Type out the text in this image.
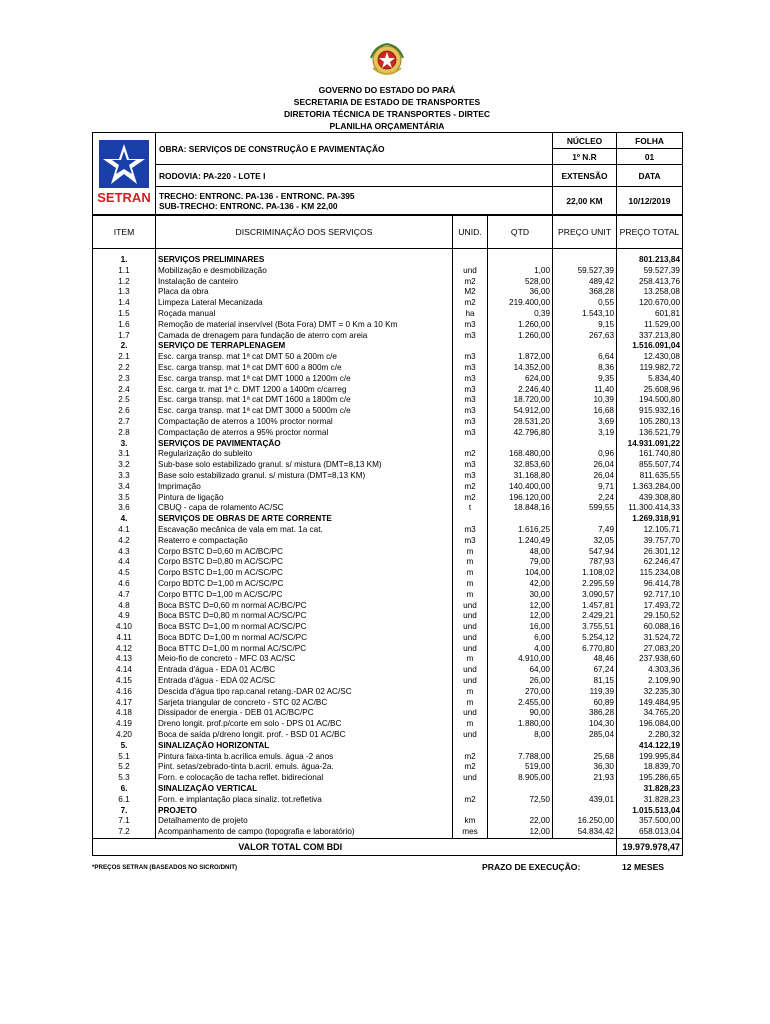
GOVERNO DO ESTADO DO PARÁ
SECRETARIA DE ESTADO DE TRANSPORTES
DIRETORIA TÉCNICA DE TRANSPORTES - DIRTEC
PLANILHA ORÇAMENTÁRIA
SETRAN	OBRA: SERVIÇOS DE CONSTRUÇÃO E PAVIMENTAÇÃO	NÚCLEO	FOLHA
		1º N.R	01
	RODOVIA: PA-220 - LOTE I	EXTENSÃO	DATA
	TRECHO: ENTRONC. PA-136 - ENTRONC. PA-395	22,00 KM	10/12/2019
	SUB-TRECHO: ENTRONC. PA-136 - KM 22,00		
ITEM	DISCRIMINAÇÃO DOS SERVIÇOS	UNID.	QTD	PREÇO UNIT	PREÇO TOTAL
1.	SERVIÇOS PRELIMINARES				801.213,84
1.1	Mobilização e desmobilização	und	1,00	59.527,39	59.527,39
1.2	Instalação de canteiro	m2	528,00	489,42	258.413,76
1.3	Placa da obra	M2	36,00	368,28	13.258,08
1.4	Limpeza Lateral Mecanizada	m2	219.400,00	0,55	120.670,00
1.5	Roçada manual	ha	0,39	1.543,10	601,81
1.6	Remoção de material inservível (Bota Fora) DMT = 0 Km a 10 Km	m3	1.260,00	9,15	11.529,00
1.7	Camada de drenagem para fundação de aterro com areia	m3	1.260,00	267,63	337.213,80
2.	SERVIÇO DE TERRAPLENAGEM				1.516.091,04
2.1	Esc. carga transp. mat 1ª cat DMT 50 a 200m c/e	m3	1.872,00	6,64	12.430,08
2.2	Esc. carga transp. mat 1ª cat DMT 600 a 800m c/e	m3	14.352,00	8,36	119.982,72
2.3	Esc. carga transp. mat 1ª cat DMT 1000 a 1200m c/e	m3	624,00	9,35	5.834,40
2.4	Esc. carga tr. mat 1ª c. DMT 1200 a 1400m c/carreg	m3	2.246,40	11,40	25.608,96
2.5	Esc. carga transp. mat 1ª cat DMT 1600 a 1800m c/e	m3	18.720,00	10,39	194.500,80
2.6	Esc. carga transp. mat 1ª cat DMT 3000 a 5000m c/e	m3	54.912,00	16,68	915.932,16
2.7	Compactação de aterros a 100% proctor normal	m3	28.531,20	3,69	105.280,13
2.8	Compactação de aterros a 95% proctor normal	m3	42.796,80	3,19	136.521,79
3.	SERVIÇOS DE PAVIMENTAÇÃO				14.931.091,22
3.1	Regularização do subleito	m2	168.480,00	0,96	161.740,80
3.2	Sub-base solo estabilizado granul. s/ mistura (DMT=8,13 KM)	m3	32.853,60	26,04	855.507,74
3.3	Base solo estabilizado granul. s/ mistura (DMT=8,13 KM)	m3	31.168,80	26,04	811.635,55
3.4	Imprimação	m2	140.400,00	9,71	1.363.284,00
3.5	Pintura de ligação	m2	196.120,00	2,24	439.308,80
3.6	CBUQ - capa de rolamento AC/SC	t	18.848,16	599,55	11.300.414,33
4.	SERVIÇOS DE OBRAS DE ARTE CORRENTE				1.269.318,91
4.1	Escavação mecânica de vala em mat. 1a cat.	m3	1.616,25	7,49	12.105,71
4.2	Reaterro e compactação	m3	1.240,49	32,05	39.757,70
4.3	Corpo BSTC D=0,60 m AC/BC/PC	m	48,00	547,94	26.301,12
4.4	Corpo BSTC D=0,80 m AC/SC/PC	m	79,00	787,93	62.246,47
4.5	Corpo BSTC D=1,00 m AC/SC/PC	m	104,00	1.108,02	115.234,08
4.6	Corpo BDTC D=1,00 m AC/SC/PC	m	42,00	2.295,59	96.414,78
4.7	Corpo BTTC D=1,00 m AC/SC/PC	m	30,00	3.090,57	92.717,10
4.8	Boca BSTC D=0,60 m normal AC/BC/PC	und	12,00	1.457,81	17.493,72
4.9	Boca BSTC D=0,80 m normal AC/SC/PC	und	12,00	2.429,21	29.150,52
4.10	Boca BSTC D=1,00 m normal AC/SC/PC	und	16,00	3.755,51	60.088,16
4.11	Boca BDTC D=1,00 m normal AC/SC/PC	und	6,00	5.254,12	31.524,72
4.12	Boca BTTC D=1,00 m normal AC/SC/PC	und	4,00	6.770,80	27.083,20
4.13	Meio-fio de concreto - MFC 03 AC/SC	m	4.910,00	48,46	237.938,60
4.14	Entrada d'água - EDA 01 AC/BC	und	64,00	67,24	4.303,36
4.15	Entrada d'água - EDA 02 AC/SC	und	26,00	81,15	2.109,90
4.16	Descida d'água tipo rap.canal retang.-DAR 02 AC/SC	m	270,00	119,39	32.235,30
4.17	Sarjeta triangular de concreto - STC 02 AC/BC	m	2.455,00	60,89	149.484,95
4.18	Dissipador de energia - DEB 01 AC/BC/PC	und	90,00	386,28	34.765,20
4.19	Dreno longit. prof.p/corte em solo - DPS 01 AC/BC	m	1.880,00	104,30	196.084,00
4.20	Boca de saída p/dreno longit. prof. - BSD 01 AC/BC	und	8,00	285,04	2.280,32
5.	SINALIZAÇÃO HORIZONTAL				414.122,19
5.1	Pintura faixa-tinta b.acrílica emuls. água -2 anos	m2	7.788,00	25,68	199.995,84
5.2	Pint. setas/zebrado-tinta b.acril. emuls. água-2a.	m2	519,00	36,30	18.839,70
5.3	Forn. e colocação de tacha reflet. bidirecional	und	8.905,00	21,93	195.286,65
6.	SINALIZAÇÃO VERTICAL				31.828,23
6.1	Forn. e implantação placa sinaliz. tot.refletiva	m2	72,50	439,01	31.828,23
7.	PROJETO				1.015.513,04
7.1	Detalhamento de projeto	km	22,00	16.250,00	357.500,00
7.2	Acompanhamento de campo (topografia e laboratório)	mes	12,00	54.834,42	658.013,04
VALOR TOTAL COM BDI		19.979.978,47
*PREÇOS SETRAN (BASEADOS NO SICRO/DNIT)	PRAZO DE EXECUÇÃO:	12 MESES
